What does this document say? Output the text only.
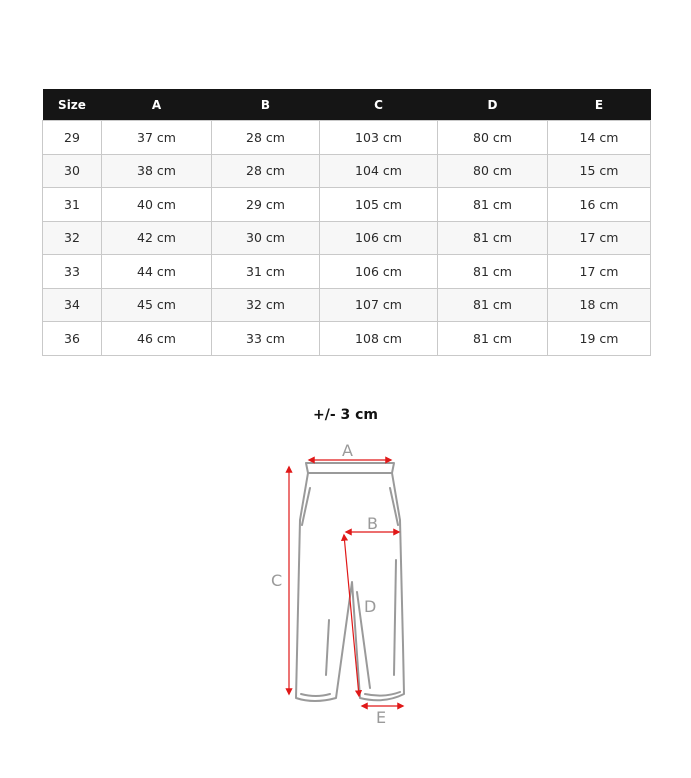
Size	A	B	C	D	E
29	37 cm	28 cm	103 cm	80 cm	14 cm
30	38 cm	28 cm	104 cm	80 cm	15 cm
31	40 cm	29 cm	105 cm	81 cm	16 cm
32	42 cm	30 cm	106 cm	81 cm	17 cm
33	44 cm	31 cm	106 cm	81 cm	17 cm
34	45 cm	32 cm	107 cm	81 cm	18 cm
36	46 cm	33 cm	108 cm	81 cm	19 cm
+/- 3 cm
A
B
C
D
E
